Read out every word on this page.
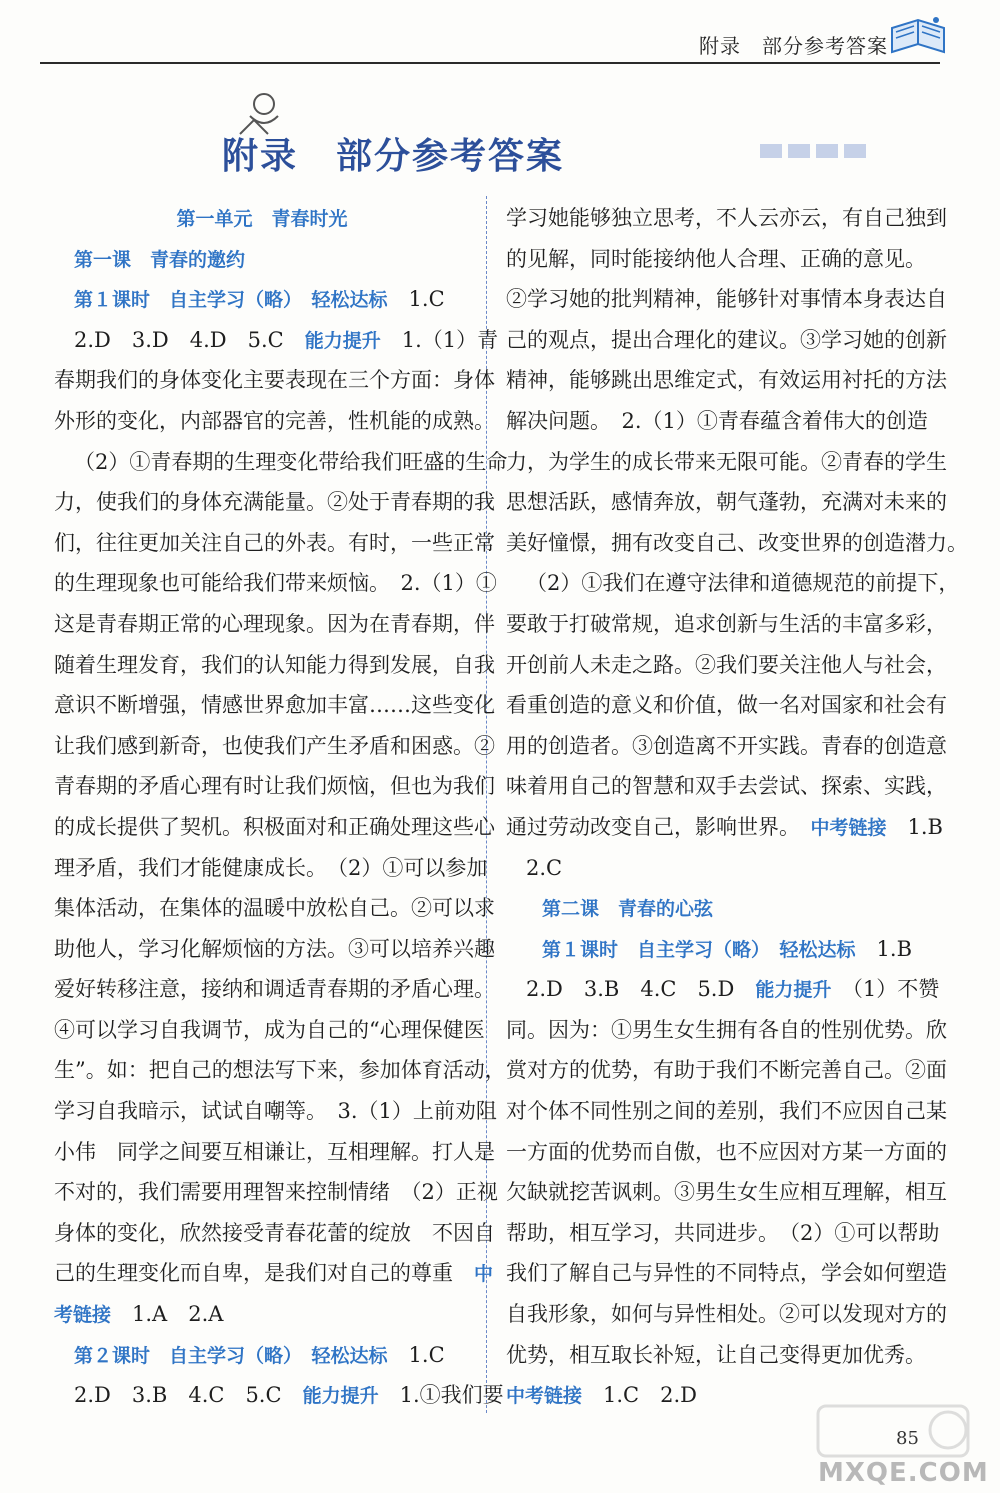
附录　部分参考答案
附录　部分参考答案
第一单元　青春时光
第一课　青春的邀约
第１课时　自主学习（略）　轻松达标　1.C
2.D　3.D　4.D　5.C　能力提升　1.（1）青
春期我们的身体变化主要表现在三个方面：身体
外形的变化，内部器官的完善，性机能的成熟。
（2）①青春期的生理变化带给我们旺盛的生命
力，使我们的身体充满能量。②处于青春期的我
们，往往更加关注自己的外表。有时，一些正常
的生理现象也可能给我们带来烦恼。　2.（1）①
这是青春期正常的心理现象。因为在青春期，伴
随着生理发育，我们的认知能力得到发展，自我
意识不断增强，情感世界愈加丰富……这些变化
让我们感到新奇，也使我们产生矛盾和困惑。②
青春期的矛盾心理有时让我们烦恼，但也为我们
的成长提供了契机。积极面对和正确处理这些心
理矛盾，我们才能健康成长。　（2）①可以参加
集体活动，在集体的温暖中放松自己。②可以求
助他人，学习化解烦恼的方法。③可以培养兴趣
爱好转移注意，接纳和调适青春期的矛盾心理。
④可以学习自我调节，成为自己的“心理保健医
生”。如：把自己的想法写下来，参加体育活动，
学习自我暗示，试试自嘲等。　3.（1）上前劝阻
小伟　同学之间要互相谦让，互相理解。打人是
不对的，我们需要用理智来控制情绪　（2）正视
身体的变化，欣然接受青春花蕾的绽放　不因自
己的生理变化而自卑，是我们对自己的尊重　中
考链接　1.A　2.A
第２课时　自主学习（略）　轻松达标　1.C
2.D　3.B　4.C　5.C　能力提升　1.①我们要
学习她能够独立思考，不人云亦云，有自己独到
的见解，同时能接纳他人合理、正确的意见。
②学习她的批判精神，能够针对事情本身表达自
己的观点，提出合理化的建议。③学习她的创新
精神，能够跳出思维定式，有效运用衬托的方法
解决问题。　2.（1）①青春蕴含着伟大的创造
力，为学生的成长带来无限可能。②青春的学生
思想活跃，感情奔放，朝气蓬勃，充满对未来的
美好憧憬，拥有改变自己、改变世界的创造潜力。
（2）①我们在遵守法律和道德规范的前提下，
要敢于打破常规，追求创新与生活的丰富多彩，
开创前人未走之路。②我们要关注他人与社会，
看重创造的意义和价值，做一名对国家和社会有
用的创造者。③创造离不开实践。青春的创造意
味着用自己的智慧和双手去尝试、探索、实践，
通过劳动改变自己，影响世界。　中考链接　1.B
2.C
第二课　青春的心弦
第１课时　自主学习（略）　轻松达标　1.B
2.D　3.B　4.C　5.D　能力提升　（1）不赞
同。因为：①男生女生拥有各自的性别优势。欣
赏对方的优势，有助于我们不断完善自己。②面
对个体不同性别之间的差别，我们不应因自己某
一方面的优势而自傲，也不应因对方某一方面的
欠缺就挖苦讽刺。③男生女生应相互理解，相互
帮助，相互学习，共同进步。　（2）①可以帮助
我们了解自己与异性的不同特点，学会如何塑造
自我形象，如何与异性相处。②可以发现对方的
优势，相互取长补短，让自己变得更加优秀。
中考链接　1.C　2.D
85
MXQE.COM
